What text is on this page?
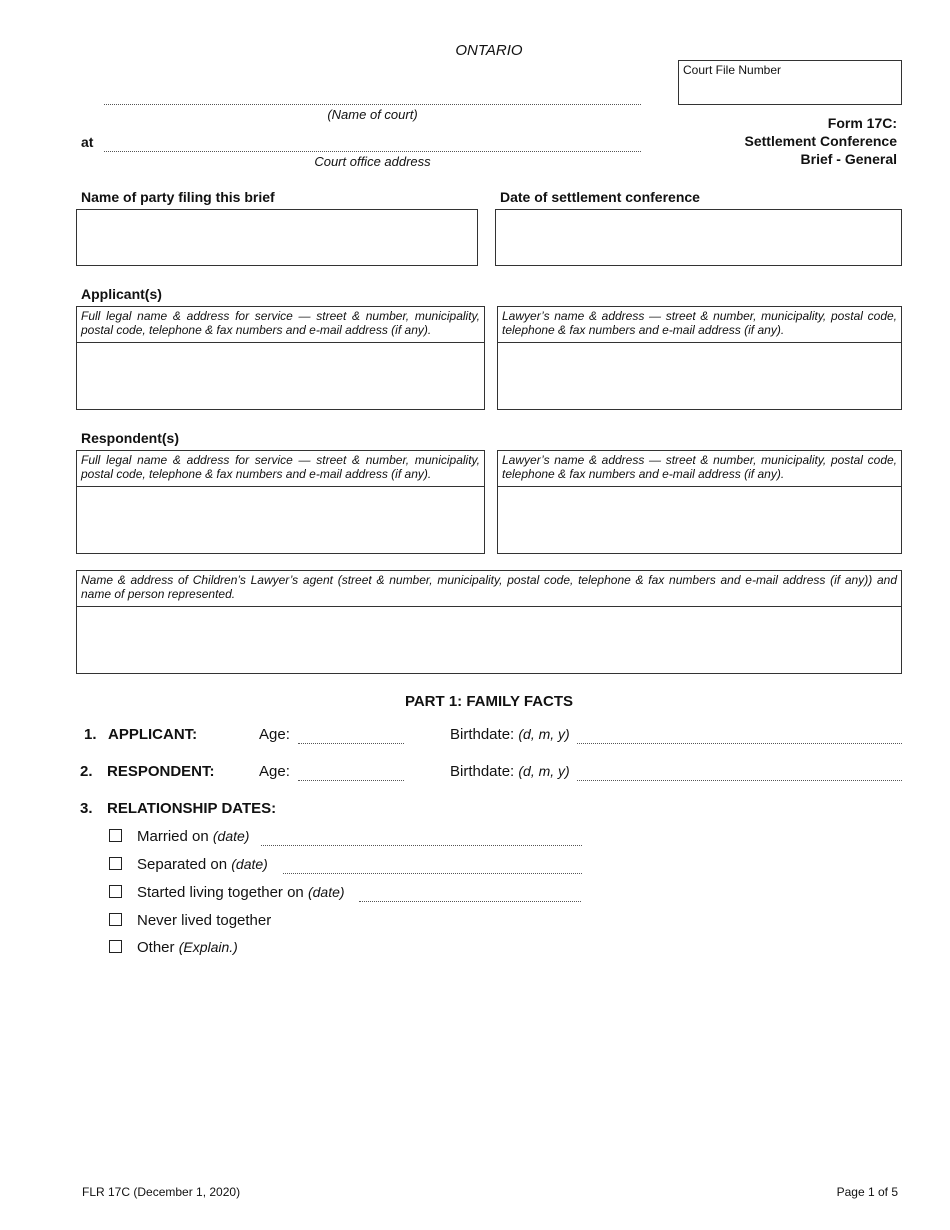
ONTARIO
Court File Number
(Name of court)
at
Court office address
Form 17C:
Settlement Conference
Brief - General
Name of party filing this brief	Date of settlement conference
Applicant(s)
Full legal name & address for service — street & number, municipality, postal code, telephone & fax numbers and e-mail address (if any).
Lawyer’s name & address — street & number, municipality, postal code, telephone & fax numbers and e-mail address (if any).
Respondent(s)
Full legal name & address for service — street & number, municipality, postal code, telephone & fax numbers and e-mail address (if any).
Lawyer’s name & address — street & number, municipality, postal code, telephone & fax numbers and e-mail address (if any).
Name & address of Children’s Lawyer’s agent (street & number, municipality, postal code, telephone & fax numbers and e-mail address (if any)) and name of person represented.
PART 1: FAMILY FACTS
1. APPLICANT:	Age:	Birthdate: (d, m, y)
2. RESPONDENT:	Age:	Birthdate: (d, m, y)
3. RELATIONSHIP DATES:
Married on (date)
Separated on (date)
Started living together on (date)
Never lived together
Other (Explain.)
FLR 17C (December 1, 2020)	Page 1 of 5
